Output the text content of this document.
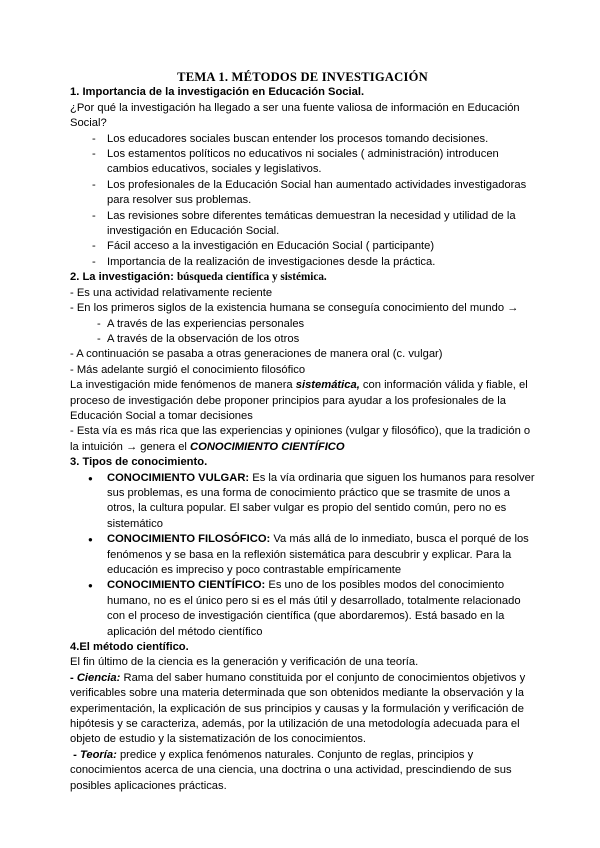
TEMA 1. MÉTODOS DE INVESTIGACIÓN

1. Importancia de la investigación en Educación Social.

¿Por qué la investigación ha llegado a ser una fuente valiosa de información en Educación Social?

- Los educadores sociales buscan entender los procesos tomando decisiones.

- Los estamentos políticos no educativos ni sociales ( administración) introducen cambios educativos, sociales y legislativos.

- Los profesionales de la Educación Social han aumentado actividades investigadoras para resolver sus problemas.

- Las revisiones sobre diferentes temáticas demuestran la necesidad y utilidad de la investigación en Educación Social.

- Fácil acceso a la investigación en Educación Social ( participante)

- Importancia de la realización de investigaciones desde la práctica.

2. La investigación: búsqueda científica y sistémica.

- Es una actividad relativamente reciente

- En los primeros siglos de la existencia humana se conseguía conocimiento del mundo →

- A través de las experiencias personales

- A través de la observación de los otros

- A continuación se pasaba a otras generaciones de manera oral (c. vulgar)

- Más adelante surgió el conocimiento filosófico

La investigación mide fenómenos de manera sistemática, con información válida y fiable, el proceso de investigación debe proponer principios para ayudar a los profesionales de la Educación Social a tomar decisiones

- Esta vía es más rica que las experiencias y opiniones (vulgar y filosófico), que la tradición o la intuición → genera el CONOCIMIENTO CIENTÍFICO

3. Tipos de conocimiento.

● CONOCIMIENTO VULGAR: Es la vía ordinaria que siguen los humanos para resolver sus problemas, es una forma de conocimiento práctico que se trasmite de unos a otros, la cultura popular. El saber vulgar es propio del sentido común, pero no es sistemático

● CONOCIMIENTO FILOSÓFICO: Va más allá de lo inmediato, busca el porqué de los fenómenos y se basa en la reflexión sistemática para descubrir y explicar. Para la educación es impreciso y poco contrastable empíricamente

● CONOCIMIENTO CIENTÍFICO: Es uno de los posibles modos del conocimiento humano, no es el único pero si es el más útil y desarrollado, totalmente relacionado con el proceso de investigación científica (que abordaremos). Está basado en la aplicación del método científico

4.El método científico.

El fin último de la ciencia es la generación y verificación de una teoría.

- Ciencia: Rama del saber humano constituida por el conjunto de conocimientos objetivos y verificables sobre una materia determinada que son obtenidos mediante la observación y la experimentación, la explicación de sus principios y causas y la formulación y verificación de hipótesis y se caracteriza, además, por la utilización de una metodología adecuada para el objeto de estudio y la sistematización de los conocimientos.

- Teoría: predice y explica fenómenos naturales. Conjunto de reglas, principios y conocimientos acerca de una ciencia, una doctrina o una actividad, prescindiendo de sus posibles aplicaciones prácticas.
